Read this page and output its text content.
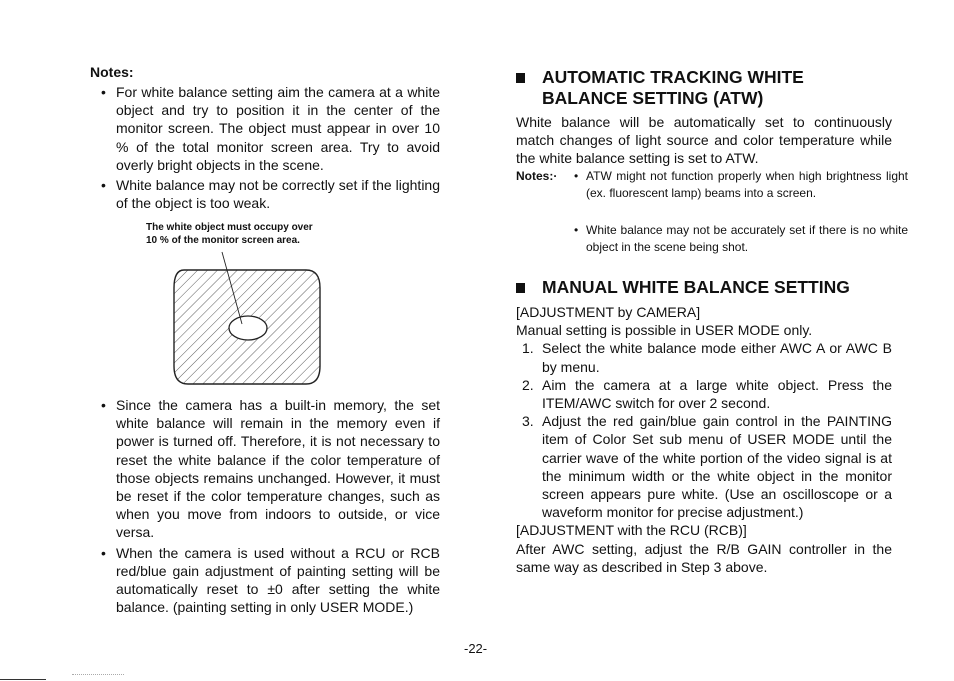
Notes:
• For white balance setting aim the camera at a white object and try to position it in the center of the monitor screen. The object must appear in over 10 % of the total monitor screen area. Try to avoid overly bright objects in the scene.
• White balance may not be correctly set if the lighting of the object is too weak.
The white object must occupy over
10 % of the monitor screen area.
• Since the camera has a built-in memory, the set white balance will remain in the memory even if power is turned off. Therefore, it is not necessary to reset the white balance if the color temperature of those objects remains unchanged. However, it must be reset if the color temperature changes, such as when you move from indoors to outside, or vice versa.
• When the camera is used without a RCU or RCB red/blue gain adjustment of painting setting will be automatically reset to ±0 after setting the white balance. (painting setting in only USER MODE.)
AUTOMATIC TRACKING WHITE
BALANCE SETTING (ATW)

White balance will be automatically set to continuously match changes of light source and color temperature while the white balance setting is set to ATW.

Notes:· • ATW might not function properly when high brightness light (ex. fluorescent lamp) beams into a screen.
• White balance may not be accurately set if there is no white object in the scene being shot.
MANUAL WHITE BALANCE SETTING
[ADJUSTMENT by CAMERA]
Manual setting is possible in USER MODE only.
1. Select the white balance mode either AWC A or AWC B by menu.
2. Aim the camera at a large white object. Press the ITEM/AWC switch for over 2 second.
3. Adjust the red gain/blue gain control in the PAINTING item of Color Set sub menu of USER MODE until the carrier wave of the white portion of the video signal is at the minimum width or the white object in the monitor screen appears pure white. (Use an oscilloscope or a waveform monitor for precise adjustment.)
[ADJUSTMENT with the RCU (RCB)]
After AWC setting, adjust the R/B GAIN controller in the same way as described in Step 3 above.
-22-
